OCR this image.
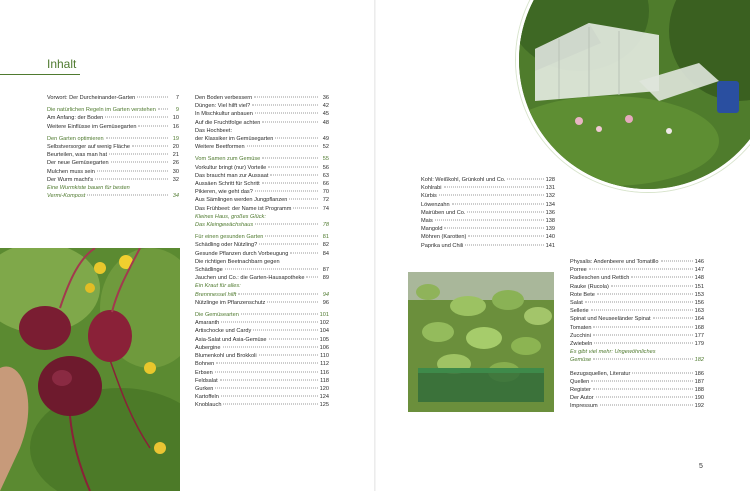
Inhalt
Vorwort: Der Durcheinander-Garten	7
Die natürlichen Regeln im Garten verstehen	9
Am Anfang: der Boden	10
Weitere Einflüsse im Gemüsegarten	16
Den Garten optimieren	19
Selbstversorger auf wenig Fläche	20
Beurteilen, was man hat	21
Der neue Gemüsegarten	26
Mulchen muss sein	30
Der Wurm macht's	32
Eine Wurmkiste bauen für besten
Vermi-Kompost	34
Den Boden verbessern	36
Düngen: Viel hilft viel?	42
In Mischkultur anbauen	45
Auf die Fruchtfolge achten	48
Das Hochbeet:
der Klassiker im Gemüsegarten	49
Weitere Beetformen	52
Vom Samen zum Gemüse	55
Vorkultur bringt (nur) Vorteile	56
Das braucht man zur Aussaat	63
Aussäen Schritt für Schritt	66
Pikieren, wie geht das?	70
Aus Sämlingen werden Jungpflanzen	72
Das Frühbeet: der Name ist Programm	74
Kleines Haus, großes Glück:
Das Kleingewächshaus	78
Für einen gesunden Garten	81
Schädling oder Nützling?	82
Gesunde Pflanzen durch Vorbeugung	84
Die richtigen Beetnachbarn gegen
Schädlinge	87
Jauchen und Co.: die Garten-Hausapotheke	89
Ein Kraut für alles:
Brennnessel hilft	94
Nützlinge im Pflanzenschutz	96
Die Gemüsearten	101
Amaranth	102
Artischocke und Cardy	104
Asia-Salat und Asia-Gemüse	105
Aubergine	106
Blumenkohl und Brokkoli	110
Bohnen	112
Erbsen	116
Feldsalat	118
Gurken	120
Kartoffeln	124
Knoblauch	125
Kohl: Weißkohl, Grünkohl und Co.	128
Kohlrabi	131
Kürbis	132
Löwenzahn	134
Mairüben und Co.	136
Mais	138
Mangold	139
Möhren (Karotten)	140
Paprika und Chili	141
Physalis: Andenbeere und Tomatillo	146
Porree	147
Radieschen und Rettich	148
Rauke (Rucola)	151
Rote Bete	153
Salat	156
Sellerie	163
Spinat und Neuseeländer Spinat	164
Tomaten	168
Zucchini	177
Zwiebeln	179
Es gibt viel mehr: Ungewöhnliches
Gemüse	182
Bezugsquellen, Literatur	186
Quellen	187
Register	188
Der Autor	190
Impressum	192
5
